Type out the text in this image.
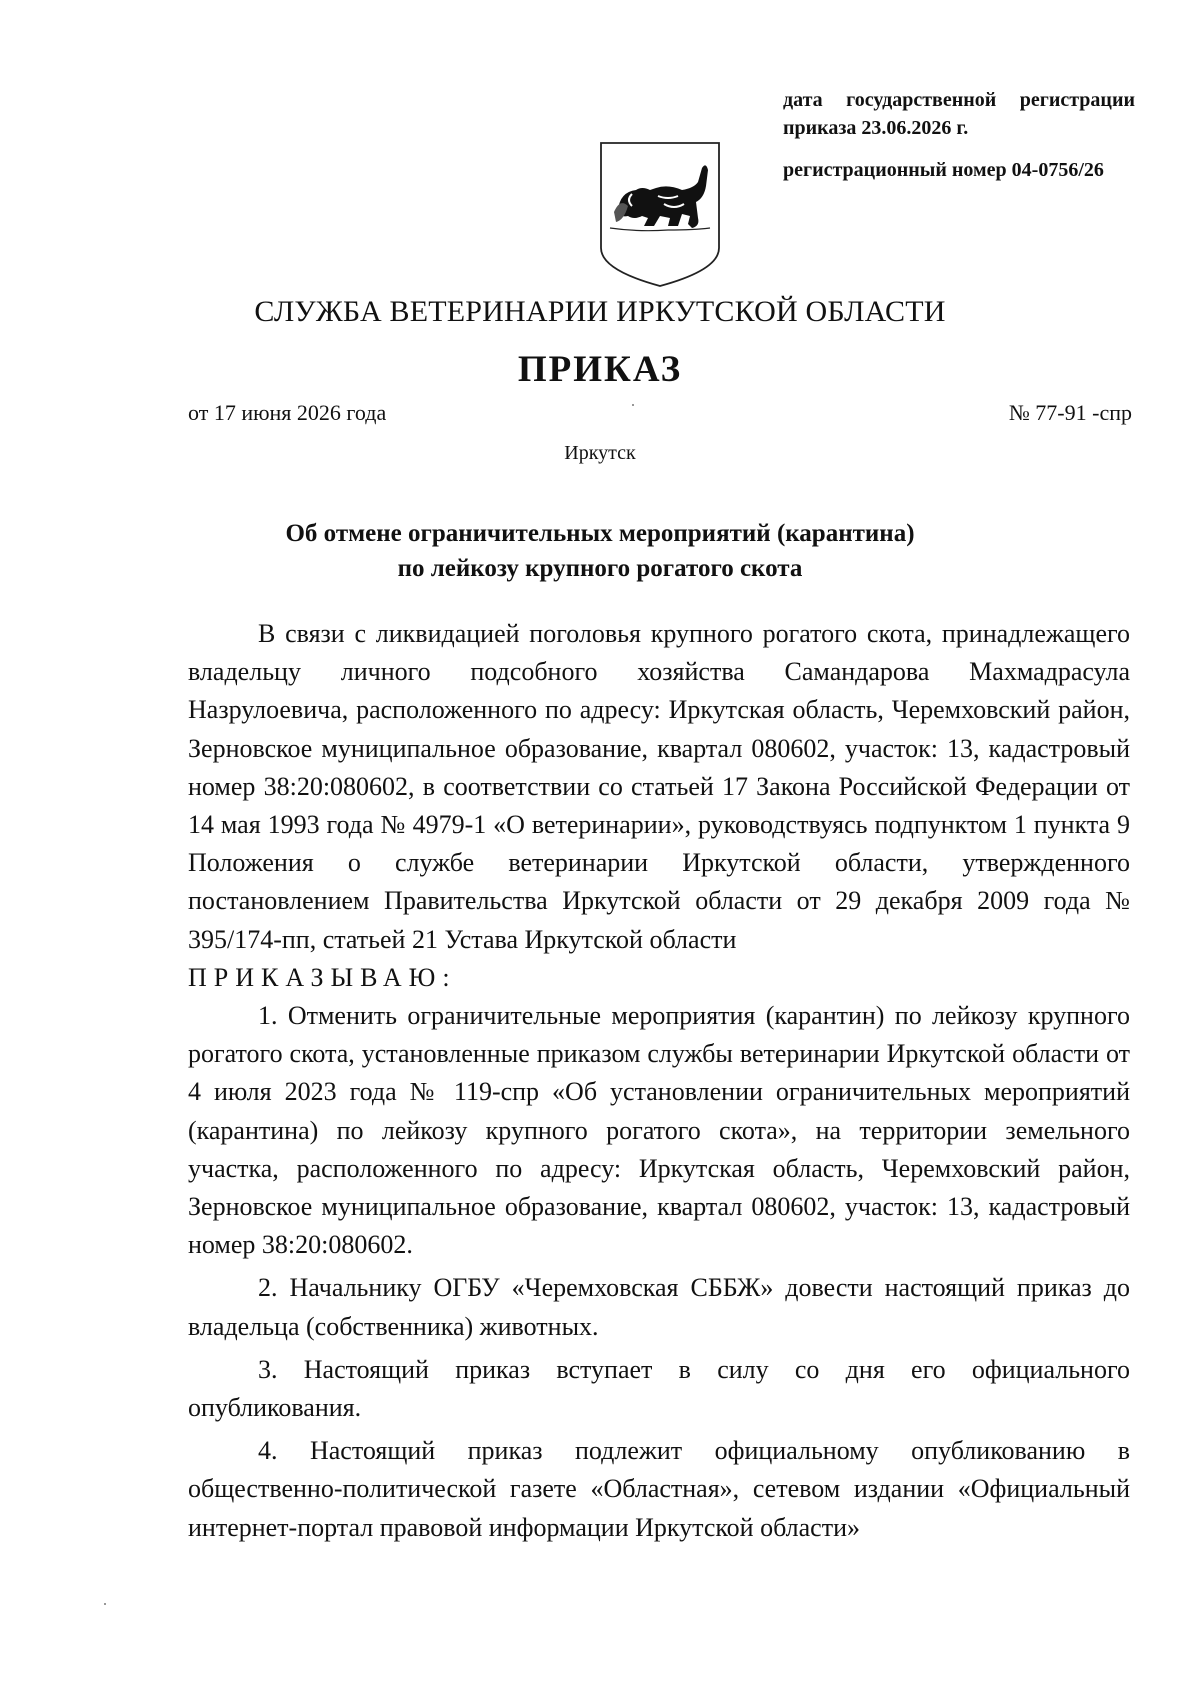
дата государственной регистрации
приказа 23.06.2026 г.
регистрационный номер 04-0756/26
СЛУЖБА ВЕТЕРИНАРИИ ИРКУТСКОЙ ОБЛАСТИ
ПРИКАЗ
от 17 июня 2026 года	№ 77-91 -спр
Иркутск
Об отмене ограничительных мероприятий (карантина)
по лейкозу крупного рогатого скота

В связи с ликвидацией поголовья крупного рогатого скота, принадлежащего владельцу личного подсобного хозяйства Самандарова Махмадрасула Назрулоевича, расположенного по адресу: Иркутская область, Черемховский район, Зерновское муниципальное образование, квартал 080602, участок: 13, кадастровый номер 38:20:080602, в соответствии со статьей 17 Закона Российской Федерации от 14 мая 1993 года № 4979-1 «О ветеринарии», руководствуясь подпунктом 1 пункта 9 Положения о службе ветеринарии Иркутской области, утвержденного постановлением Правительства Иркутской области от 29 декабря 2009 года № 395/174-пп, статьей 21 Устава Иркутской области

ПРИКАЗЫВАЮ:

1. Отменить ограничительные мероприятия (карантин) по лейкозу крупного рогатого скота, установленные приказом службы ветеринарии Иркутской области от 4 июля 2023 года № 119-спр «Об установлении ограничительных мероприятий (карантина) по лейкозу крупного рогатого скота», на территории земельного участка, расположенного по адресу: Иркутская область, Черемховский район, Зерновское муниципальное образование, квартал 080602, участок: 13, кадастровый номер 38:20:080602.

2. Начальнику ОГБУ «Черемховская СББЖ» довести настоящий приказ до владельца (собственника) животных.

3. Настоящий приказ вступает в силу со дня его официального опубликования.

4. Настоящий приказ подлежит официальному опубликованию в общественно-политической газете «Областная», сетевом издании «Официальный интернет-портал правовой информации Иркутской области»
